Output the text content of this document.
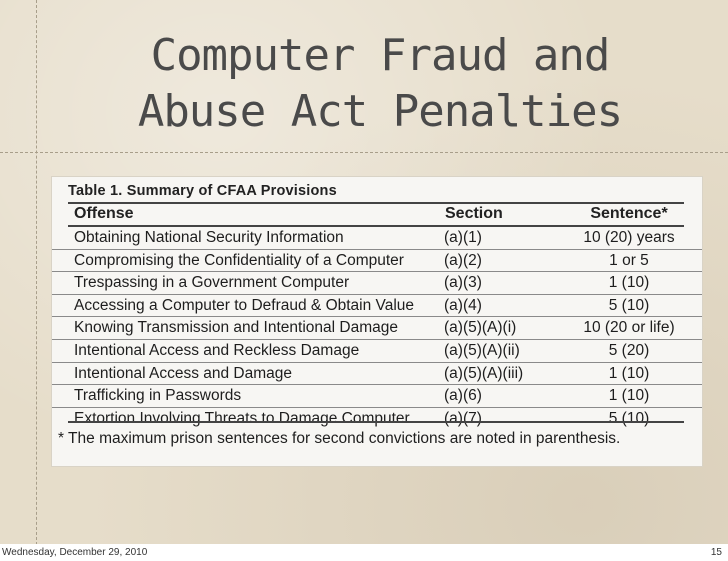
Computer Fraud and
Abuse Act Penalties
Table 1. Summary of CFAA Provisions
Offense	Section	Sentence*
Obtaining National Security Information	(a)(1)	10 (20) years
Compromising the Confidentiality of a Computer	(a)(2)	1 or 5
Trespassing in a Government Computer	(a)(3)	1 (10)
Accessing a Computer to Defraud & Obtain Value (a)(4)	5 (10)
Knowing Transmission and Intentional Damage	(a)(5)(A)(i)	10 (20 or life)
Intentional Access and Reckless Damage	(a)(5)(A)(ii)	5 (20)
Intentional Access and Damage	(a)(5)(A)(iii)	1 (10)
Trafficking in Passwords	(a)(6)	1 (10)
Extortion Involving Threats to Damage Computer (a)(7)	5 (10)
* The maximum prison sentences for second convictions are noted in parenthesis.
Wednesday, December 29, 2010	15
